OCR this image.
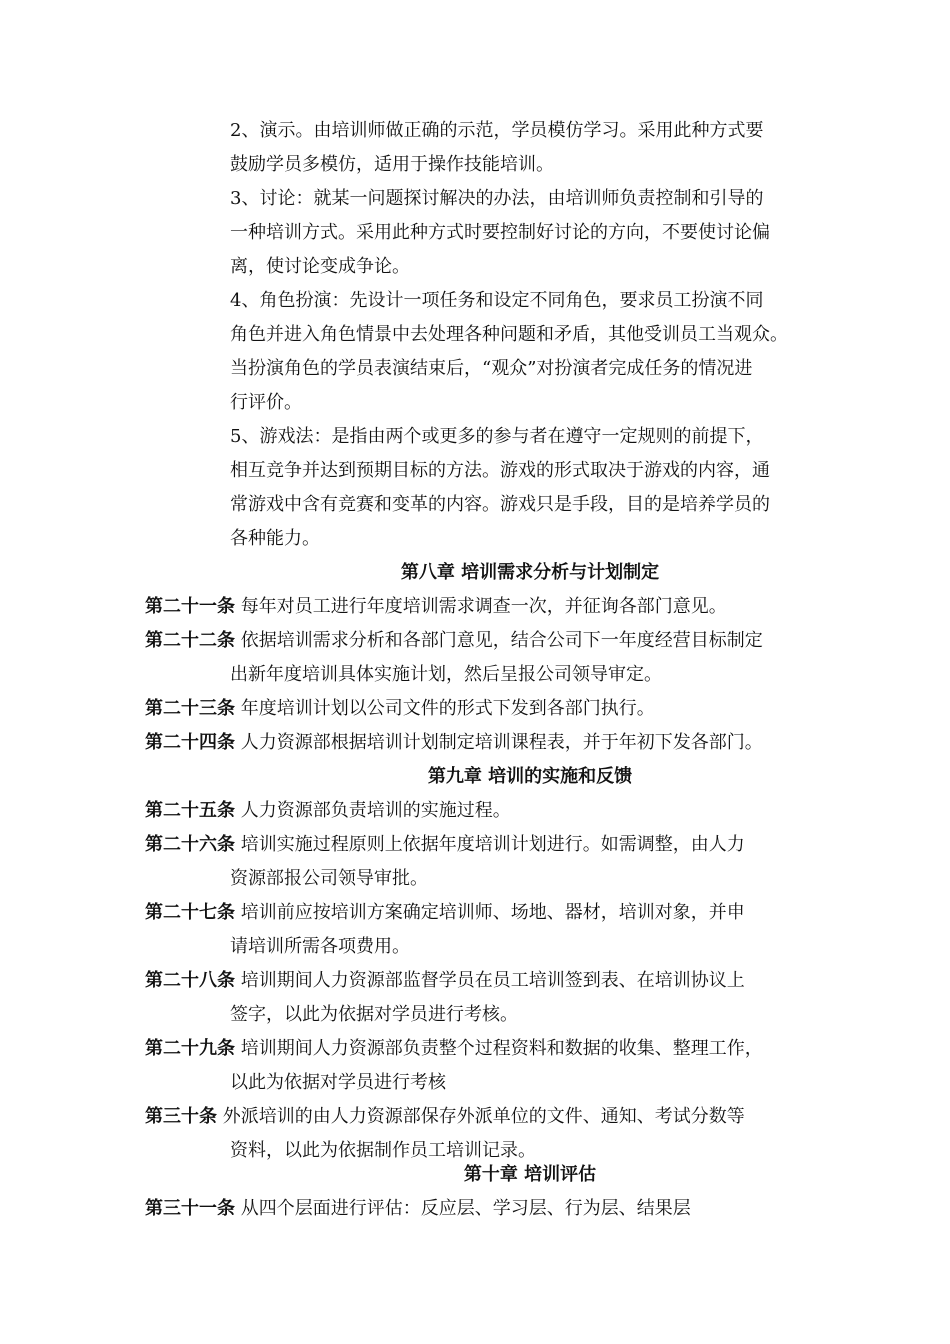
2、演示。由培训师做正确的示范，学员模仿学习。采用此种方式要
鼓励学员多模仿，适用于操作技能培训。
3、讨论：就某一问题探讨解决的办法，由培训师负责控制和引导的
一种培训方式。采用此种方式时要控制好讨论的方向，不要使讨论偏
离，使讨论变成争论。
4、角色扮演：先设计一项任务和设定不同角色，要求员工扮演不同
角色并进入角色情景中去处理各种问题和矛盾，其他受训员工当观众。
当扮演角色的学员表演结束后，“观众”对扮演者完成任务的情况进
行评价。
5、游戏法：是指由两个或更多的参与者在遵守一定规则的前提下，
相互竞争并达到预期目标的方法。游戏的形式取决于游戏的内容，通
常游戏中含有竞赛和变革的内容。游戏只是手段，目的是培养学员的
各种能力。
第八章 培训需求分析与计划制定
第二十一条 每年对员工进行年度培训需求调查一次，并征询各部门意见。
第二十二条 依据培训需求分析和各部门意见，结合公司下一年度经营目标制定
出新年度培训具体实施计划，然后呈报公司领导审定。
第二十三条 年度培训计划以公司文件的形式下发到各部门执行。
第二十四条 人力资源部根据培训计划制定培训课程表，并于年初下发各部门。
第九章 培训的实施和反馈
第二十五条 人力资源部负责培训的实施过程。
第二十六条 培训实施过程原则上依据年度培训计划进行。如需调整，由人力
资源部报公司领导审批。
第二十七条 培训前应按培训方案确定培训师、场地、器材，培训对象，并申
请培训所需各项费用。
第二十八条 培训期间人力资源部监督学员在员工培训签到表、在培训协议上
签字，以此为依据对学员进行考核。
第二十九条 培训期间人力资源部负责整个过程资料和数据的收集、整理工作，
以此为依据对学员进行考核
第三十条 外派培训的由人力资源部保存外派单位的文件、通知、考试分数等
资料，以此为依据制作员工培训记录。
第十章 培训评估
第三十一条 从四个层面进行评估：反应层、学习层、行为层、结果层
